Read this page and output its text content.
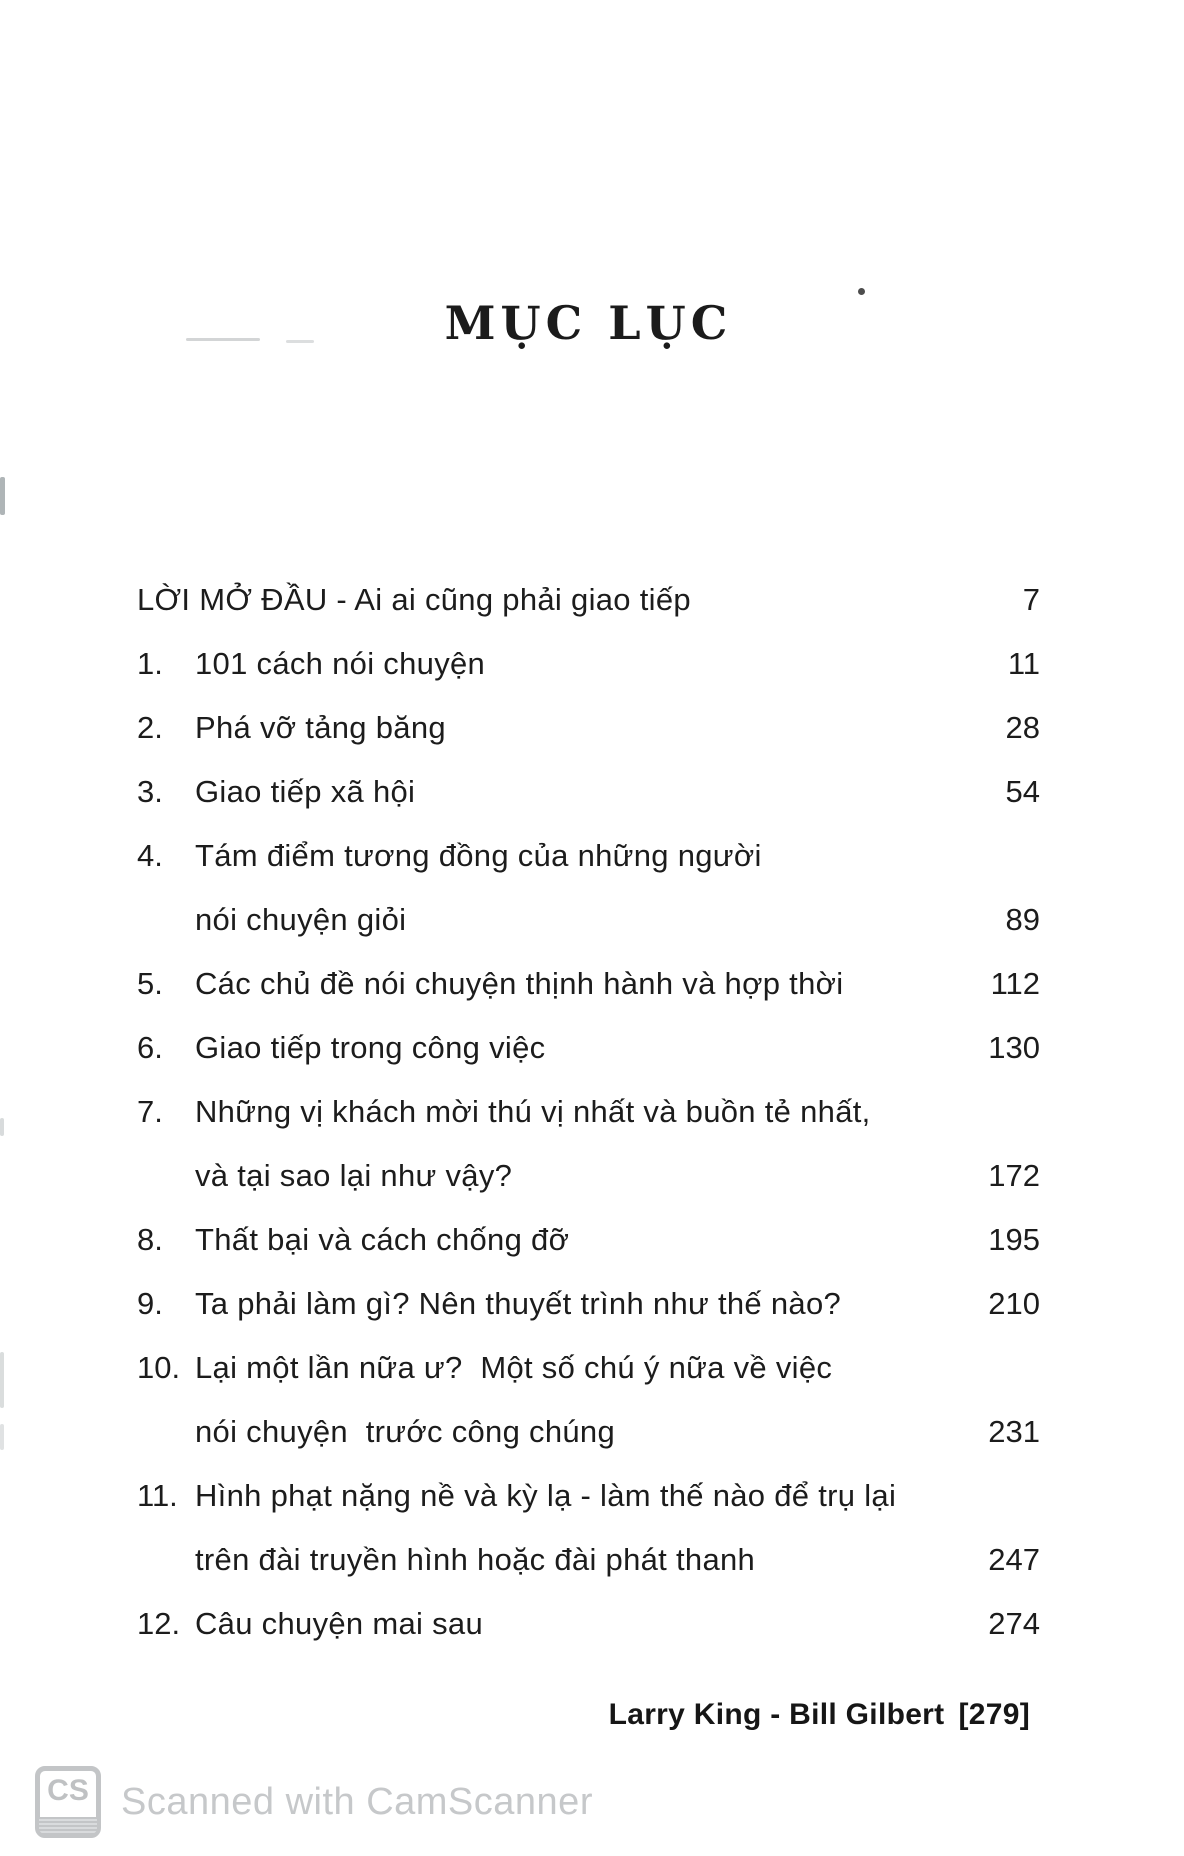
MỤC LỤC
LỜI MỞ ĐẦU - Ai ai cũng phải giao tiếp	7
1.	101 cách nói chuyện	11
2.	Phá vỡ tảng băng	28
3.	Giao tiếp xã hội	54
4.	Tám điểm tương đồng của những người
nói chuyện giỏi	89
5.	Các chủ đề nói chuyện thịnh hành và hợp thời	112
6.	Giao tiếp trong công việc	130
7.	Những vị khách mời thú vị nhất và buồn tẻ nhất,
và tại sao lại như vậy?	172
8.	Thất bại và cách chống đỡ	195
9.	Ta phải làm gì? Nên thuyết trình như thế nào?	210
10. Lại một lần nữa ư?  Một số chú ý nữa về việc
nói chuyện  trước công chúng	231
11. Hình phạt nặng nề và kỳ lạ - làm thế nào để trụ lại
trên đài truyền hình hoặc đài phát thanh	247
12. Câu chuyện mai sau	274
Larry King - Bill Gilbert [279]
CS Scanned with CamScanner
